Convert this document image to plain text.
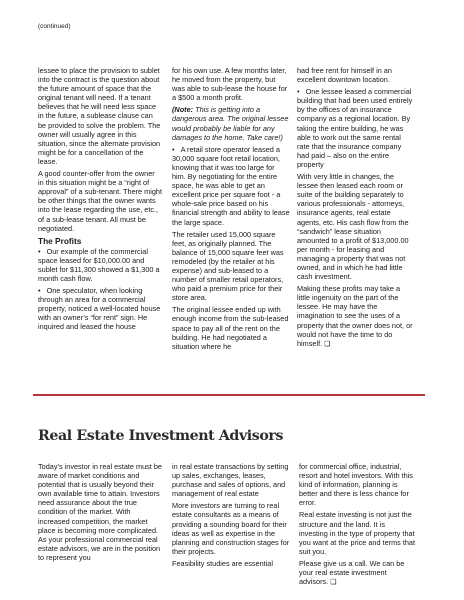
(continued)

lessee to place the provision to sublet into the contract is the question about the future amount of space that the original tenant will need. If a tenant believes that he will need less space in the future, a sublease clause can be provided to solve the problem. The owner will usually agree in this situation, since the alternate provision might be for a cancellation of the lease.

A good counter-offer from the owner in this situation might be a “right of approval” of a sub-tenant. There might be other things that the owner wants into the lease regarding the use, etc., of a sub-lease tenant. All must be negotiated.

The Profits

• Our example of the commercial space leased for $10,000.00 and sublet for $11,300 showed a $1,300 a month cash flow.

• One speculator, when looking through an area for a commercial property, noticed a well-located house with an owner’s “for rent” sign. He inquired and leased the house

for his own use. A few months later, he moved from the property, but was able to sub-lease the house for a $500 a month profit.

(Note: This is getting into a dangerous area. The original lessee would probably be liable for any damages to the home. Take care!)

• A retail store operator leased a 30,000 square foot retail location, knowing that it was too large for him. By negotiating for the entire space, he was able to get an excellent price per square foot - a whole-sale price based on his financial strength and ability to lease the large space.

The retailer used 15,000 square feet, as originally planned. The balance of 15,000 square feet was remodeled (by the retailer at his expense) and sub-leased to a number of smaller retail operators, who paid a premium price for their store area.

The original lessee ended up with enough income from the sub-leased space to pay all of the rent on the building. He had negotiated a situation where he

had free rent for himself in an excellent downtown location.

• One lessee leased a commercial building that had been used entirely by the offices of an insurance company as a regional location. By taking the entire building, he was able to work out the same rental rate that the insurance company had paid – also on the entire property

With very little in changes, the lessee then leased each room or suite of the building separately to various professionals - attorneys, insurance agents, real estate agents, etc. His cash flow from the “sandwich” lease situation amounted to a profit of $13,000.00 per month - for leasing and managing a property that was not owned, and in which he had little cash investment.

Making these profits may take a little ingenuity on the part of the lessee. He may have the imagination to see the uses of a property that the owner does not, or would not have the time to do himself. ❏

Real Estate Investment Advisors

Today’s investor in real estate must be aware of market conditions and potential that is usually beyond their own available time to attain. Investors need assurance about the true condition of the market. With increased competition, the market place is becoming more complicated. As your professional commercial real estate advisors, we are in the position to represent you

in real estate transactions by setting up sales, exchanges, leases, purchase and sales of options, and management of real estate

More investors are turning to real estate consultants as a means of providing a sounding board for their ideas as well as expertise in the planning and construction stages for their projects.

Feasibility studies are essential

for commercial office, industrial, resort and hotel investors. With this kind of information, planning is better and there is less chance for error.

Real estate investing is not just the structure and the land. It is investing in the type of property that you want at the price and terms that suit you.

Please give us a call. We can be your real estate investment advisors. ❏
